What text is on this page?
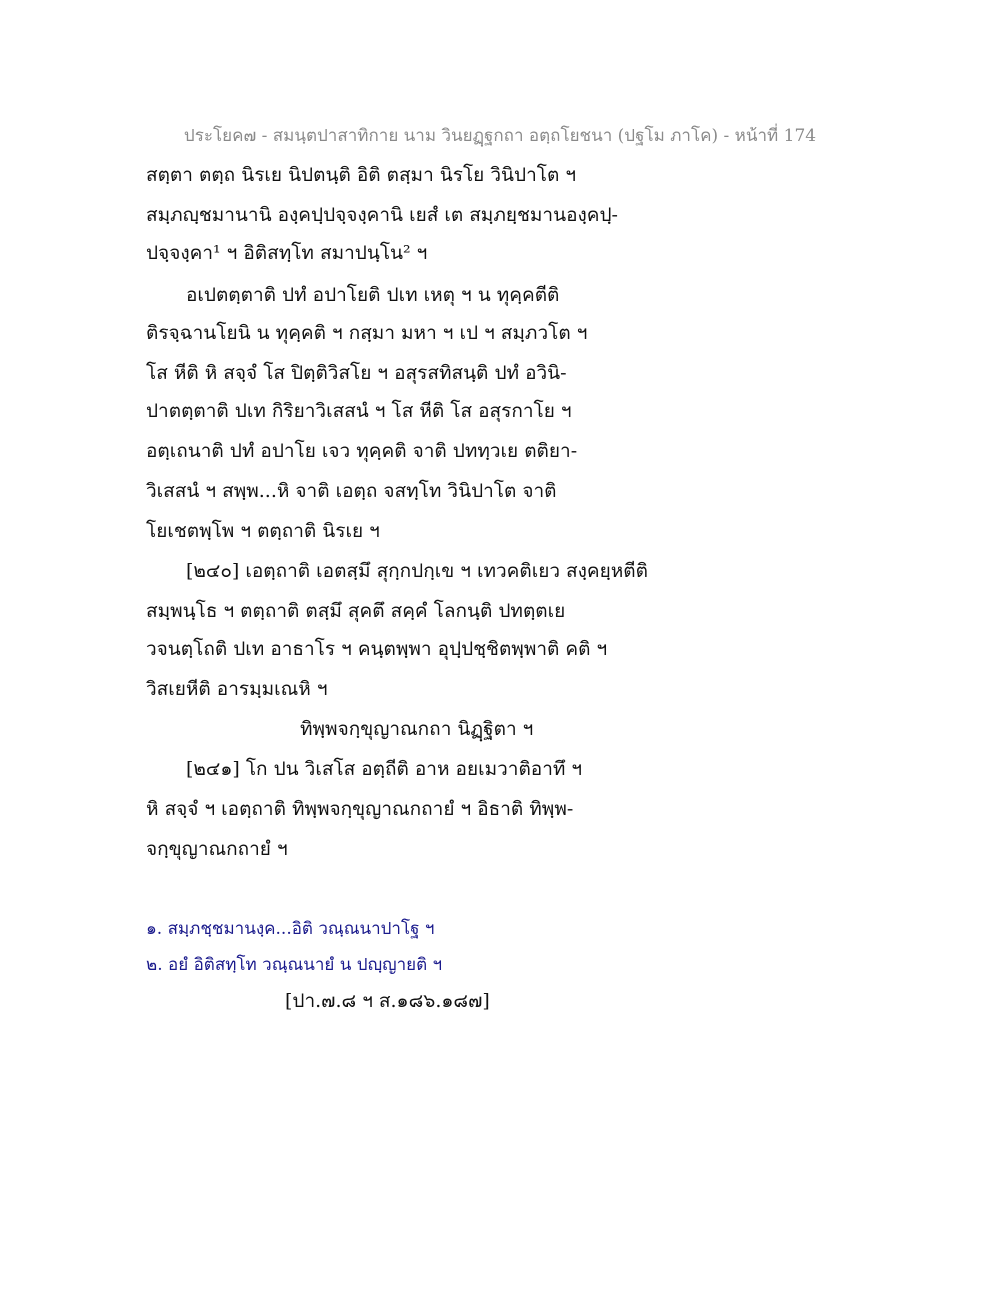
ประโยค๗ - สมนฺตปาสาทิกาย นาม วินยฏฺฐกถา อตฺถโยชนา (ปฐโม ภาโค) - หน้าที่ 174
สตฺตา ตตฺถ นิรเย นิปตนฺติ อิติ ตสฺมา นิรโย วินิปาโต ฯ
สมฺภญฺชมานานิ องฺคปฺปจฺจงฺคานิ เยสํ เต สมฺภยฺชมานองฺคปฺ-
ปจฺจงฺคา¹ ฯ อิติสทฺโท สมาปนฺโน² ฯ
อเปตตฺตาติ ปทํ อปาโยติ ปเท เหตุ ฯ น ทุคฺคตีติ
ติรจฺฉานโยนิ น ทุคฺคติ ฯ กสฺมา มหา ฯ เป ฯ สมฺภวโต ฯ
โส หีติ หิ สจฺจํ โส ปิตฺติวิสโย ฯ อสุรสทิสนฺติ ปทํ อวินิ-
ปาตตฺตาติ ปเท กิริยาวิเสสนํ ฯ โส หีติ โส อสุรกาโย ฯ
อตฺเถนาติ ปทํ อปาโย เจว ทุคฺคติ จาติ ปททฺวเย ตติยา-
วิเสสนํ ฯ สพฺพ...หิ จาติ เอตฺถ จสทฺโท วินิปาโต จาติ
โยเชตพฺโพ ฯ ตตฺถาติ นิรเย ฯ
[๒๔๐] เอตฺถาติ เอตสฺมึ สุกฺกปกฺเข ฯ เทวคติเยว สงฺคยฺหตีติ
สมฺพนฺโธ ฯ ตตฺถาติ ตสฺมึ สุคตึ สคฺคํ โลกนฺติ ปทตฺตเย
วจนตฺโถติ ปเท อาธาโร ฯ คนฺตพฺพา อุปฺปชฺชิตพฺพาติ คติ ฯ
วิสเยหีติ อารมฺมเณหิ ฯ
ทิพฺพจกฺขุญาณกถา นิฏฺฐิตา ฯ
[๒๔๑] โก ปน วิเสโส อตฺถีติ อาห อยเมวาติอาทึ ฯ
หิ สจฺจํ ฯ เอตฺถาติ ทิพฺพจกฺขุญาณกถายํ ฯ อิธาติ ทิพฺพ-
จกฺขุญาณกถายํ ฯ
๑. สมฺภชฺชมานงฺค...อิติ วณฺณนาปาโฐ ฯ
๒. อยํ อิติสทฺโท วณฺณนายํ น ปญฺญายติ ฯ
[ปา.๗.๘ ฯ ส.๑๘๖.๑๘๗]
